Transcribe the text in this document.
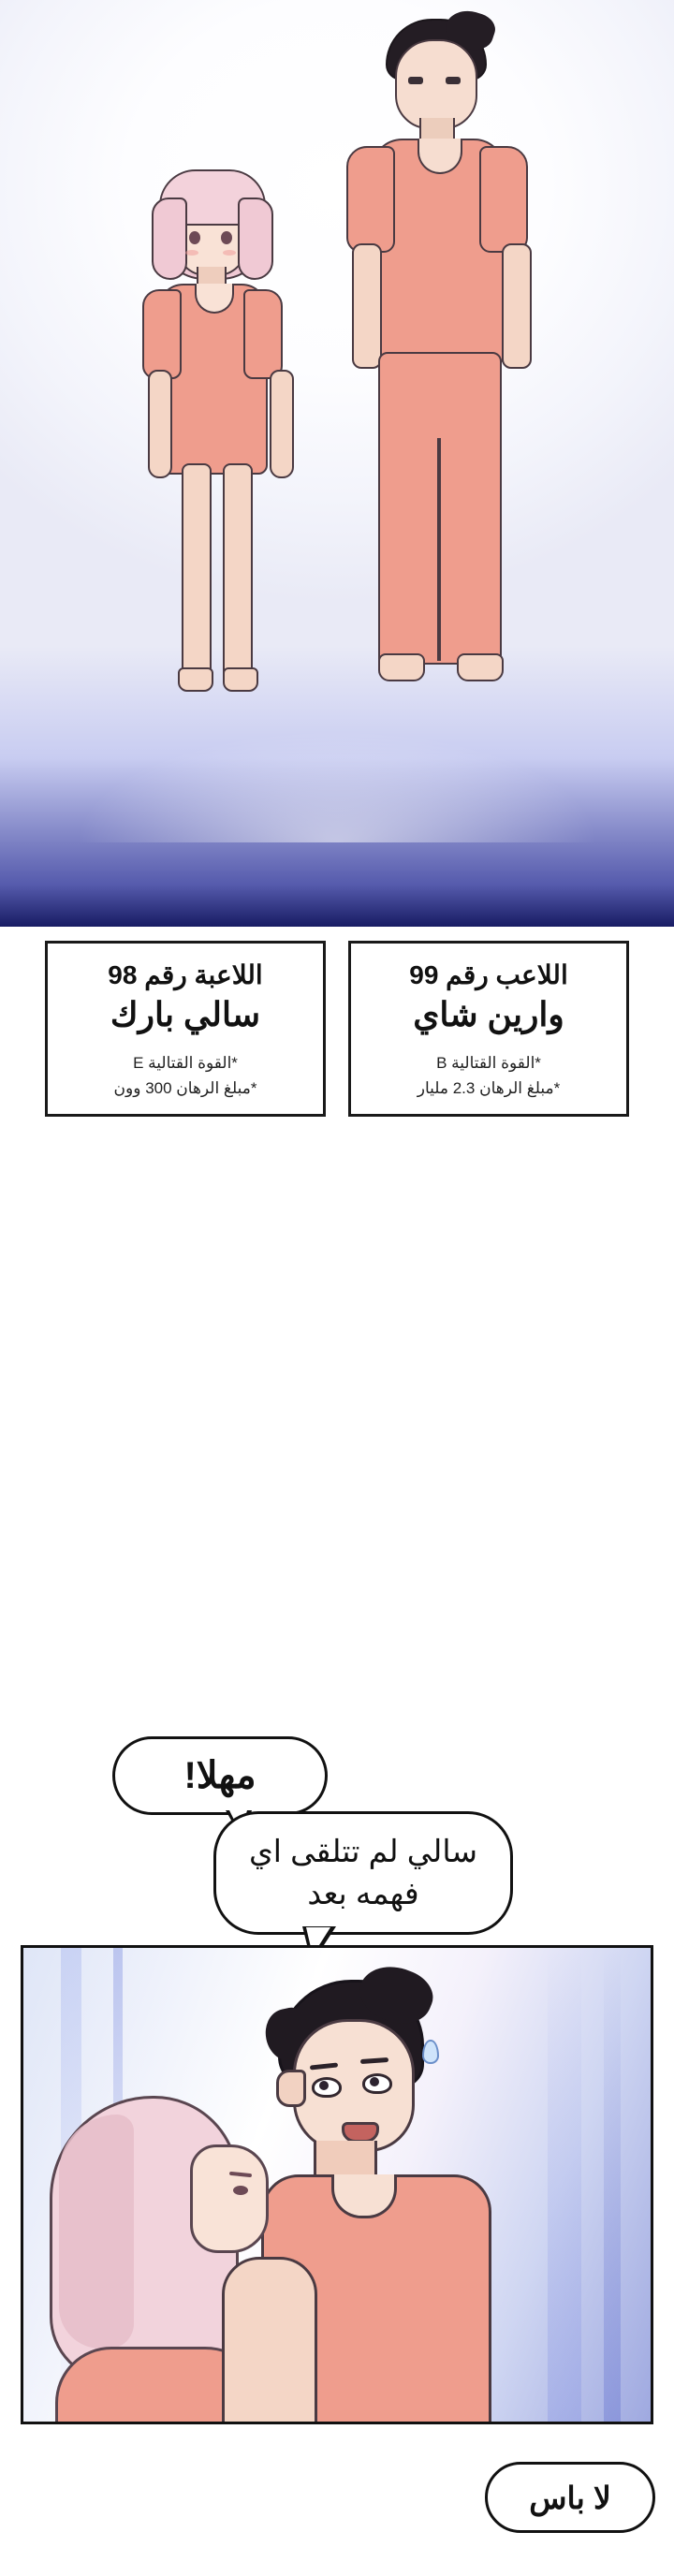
اللاعب رقم 99
وارين شاي
*القوة القتالية B
*مبلغ الرهان 2.3 مليار
اللاعبة رقم 98
سالي بارك
*القوة القتالية E
*مبلغ الرهان 300 وون
مهلا!
سالي لم تتلقى اي فهمه بعد
لا باس
